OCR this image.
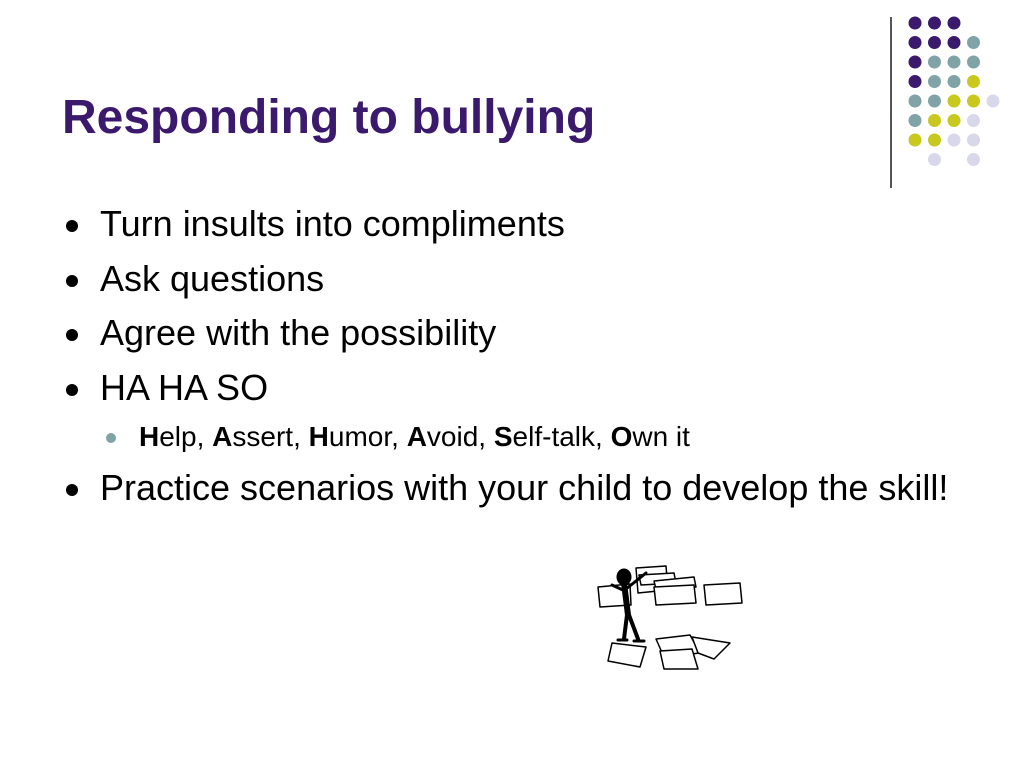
Responding to bullying
Turn insults into compliments
Ask questions
Agree with the possibility
HA HA SO
Help, Assert, Humor, Avoid, Self-talk, Own it
Practice scenarios with your child to develop the skill!
